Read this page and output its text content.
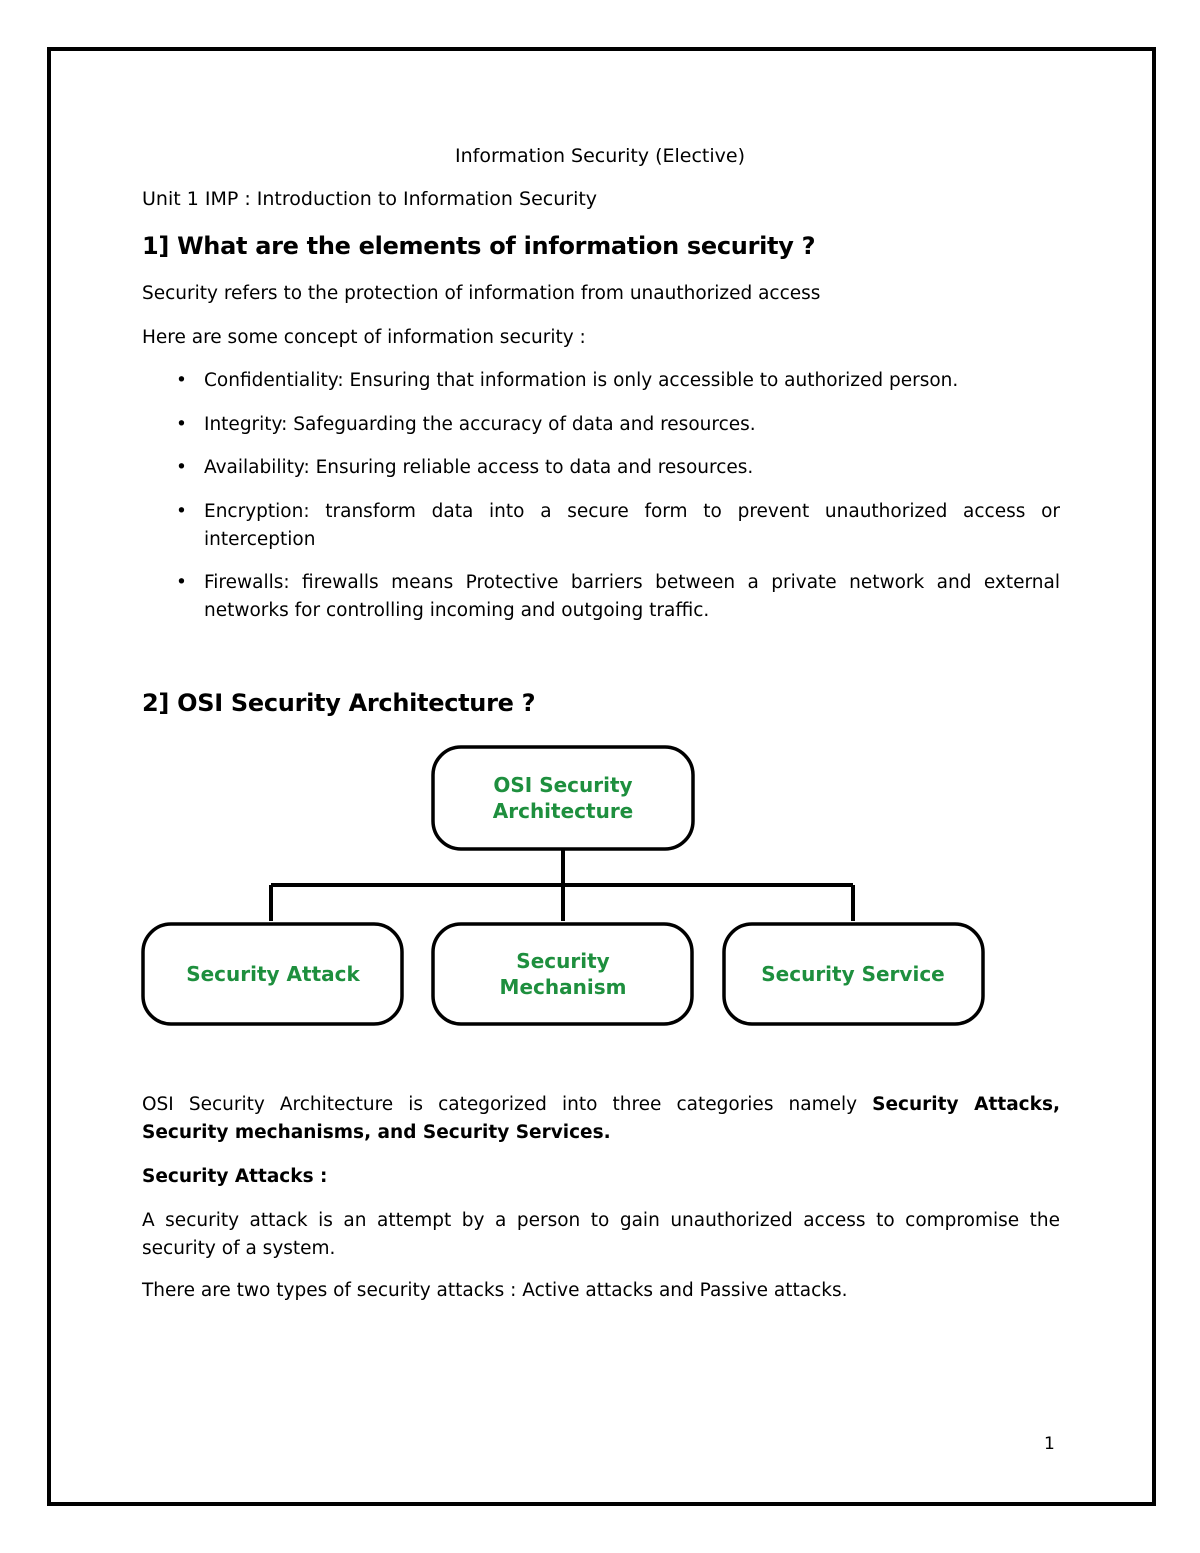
Information Security (Elective)
Unit 1 IMP : Introduction to Information Security
1] What are the elements of information security ?
Security refers to the protection of information from unauthorized access
Here are some concept of information security :
• Confidentiality: Ensuring that information is only accessible to authorized person.
• Integrity: Safeguarding the accuracy of data and resources.
• Availability: Ensuring reliable access to data and resources.
• Encryption: transform data into a secure form to prevent unauthorized access or interception
• Firewalls: firewalls means Protective barriers between a private network and external networks for controlling incoming and outgoing traffic.
2] OSI Security Architecture ?
OSI Security
Architecture
Security Attack
Security
Mechanism
Security Service
OSI Security Architecture is categorized into three categories namely Security Attacks, Security mechanisms, and Security Services.
Security Attacks :
A security attack is an attempt by a person to gain unauthorized access to compromise the security of a system.
There are two types of security attacks : Active attacks and Passive attacks.
1
